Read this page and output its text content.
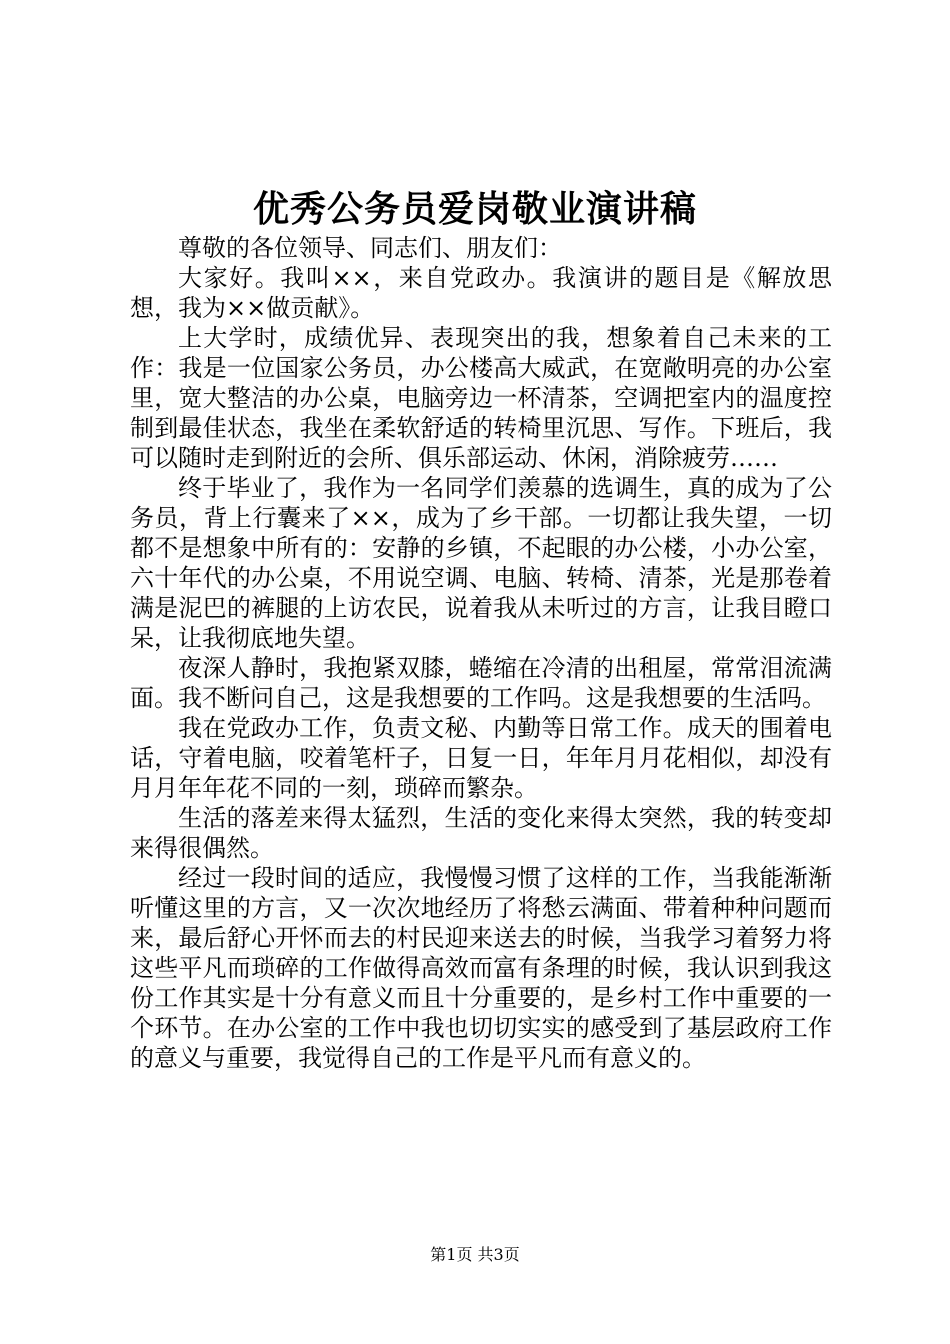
优秀公务员爱岗敬业演讲稿

尊敬的各位领导、同志们、朋友们：

大家好。我叫××，来自党政办。我演讲的题目是《解放思想，我为××做贡献》。

上大学时，成绩优异、表现突出的我，想象着自己未来的工作：我是一位国家公务员，办公楼高大威武，在宽敞明亮的办公室里，宽大整洁的办公桌，电脑旁边一杯清茶，空调把室内的温度控制到最佳状态，我坐在柔软舒适的转椅里沉思、写作。下班后，我可以随时走到附近的会所、俱乐部运动、休闲，消除疲劳……

终于毕业了，我作为一名同学们羡慕的选调生，真的成为了公务员，背上行囊来了××，成为了乡干部。一切都让我失望，一切都不是想象中所有的：安静的乡镇，不起眼的办公楼，小办公室，六十年代的办公桌，不用说空调、电脑、转椅、清茶，光是那卷着满是泥巴的裤腿的上访农民，说着我从未听过的方言，让我目瞪口呆，让我彻底地失望。

夜深人静时，我抱紧双膝，蜷缩在冷清的出租屋，常常泪流满面。我不断问自己，这是我想要的工作吗。这是我想要的生活吗。

我在党政办工作，负责文秘、内勤等日常工作。成天的围着电话，守着电脑，咬着笔杆子，日复一日，年年月月花相似，却没有月月年年花不同的一刻，琐碎而繁杂。

生活的落差来得太猛烈，生活的变化来得太突然，我的转变却来得很偶然。

经过一段时间的适应，我慢慢习惯了这样的工作，当我能渐渐听懂这里的方言，又一次次地经历了将愁云满面、带着种种问题而来，最后舒心开怀而去的村民迎来送去的时候，当我学习着努力将这些平凡而琐碎的工作做得高效而富有条理的时候，我认识到我这份工作其实是十分有意义而且十分重要的，是乡村工作中重要的一个环节。在办公室的工作中我也切切实实的感受到了基层政府工作的意义与重要，我觉得自己的工作是平凡而有意义的。

第1页 共3页
